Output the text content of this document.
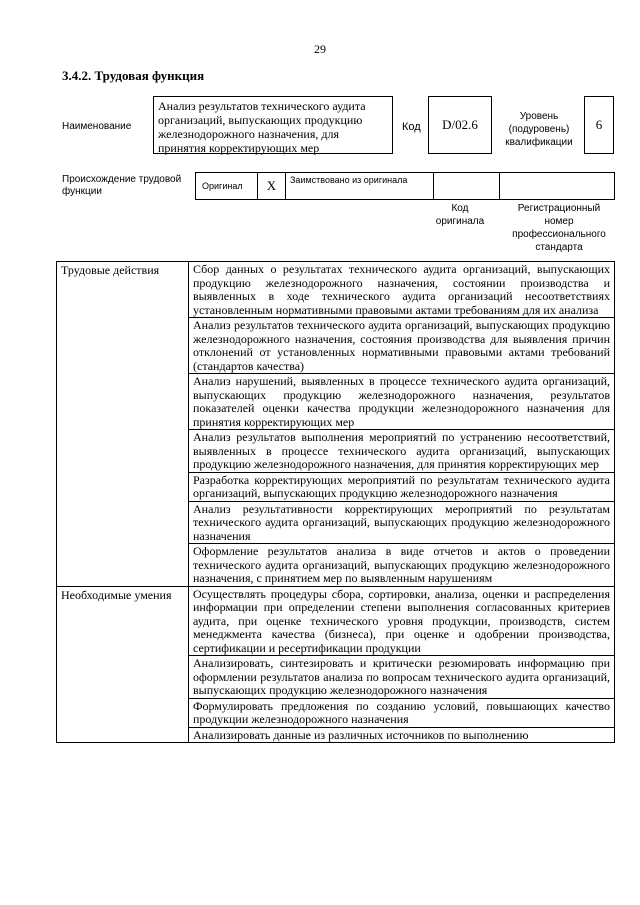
29
3.4.2. Трудовая функция
Наименование
Анализ результатов технического аудита организаций, выпускающих продукцию железнодорожного назначения, для принятия корректирующих мер
Код	D/02.6
Уровень (подуровень) квалификации
6
Происхождение трудовой функции	Оригинал	X	Заимствовано из оригинала
Код оригинала
Регистрационный номер профессионального стандарта
Трудовые действия	Сбор данных о результатах технического аудита организаций, выпускающих продукцию железнодорожного назначения, состоянии производства и выявленных в ходе технического аудита организаций несоответствиях установленным нормативными правовыми актами требованиям для их анализа
	Анализ результатов технического аудита организаций, выпускающих продукцию железнодорожного назначения, состояния производства для выявления причин отклонений от установленных нормативными правовыми актами требований (стандартов качества)
	Анализ нарушений, выявленных в процессе технического аудита организаций, выпускающих продукцию железнодорожного назначения, результатов показателей оценки качества продукции железнодорожного назначения для принятия корректирующих мер
	Анализ результатов выполнения мероприятий по устранению несоответствий, выявленных в процессе технического аудита организаций, выпускающих продукцию железнодорожного назначения, для принятия корректирующих мер
	Разработка корректирующих мероприятий по результатам технического аудита организаций, выпускающих продукцию железнодорожного назначения
	Анализ результативности корректирующих мероприятий по результатам технического аудита организаций, выпускающих продукцию железнодорожного назначения
	Оформление результатов анализа в виде отчетов и актов о проведении технического аудита организаций, выпускающих продукцию железнодорожного назначения, с принятием мер по выявленным нарушениям
Необходимые умения	Осуществлять процедуры сбора, сортировки, анализа, оценки и распределения информации при определении степени выполнения согласованных критериев аудита, при оценке технического уровня продукции, производств, систем менеджмента качества (бизнеса), при оценке и одобрении производства, сертификации и ресертификации продукции
	Анализировать, синтезировать и критически резюмировать информацию при оформлении результатов анализа по вопросам технического аудита организаций, выпускающих продукцию железнодорожного назначения
	Формулировать предложения по созданию условий, повышающих качество продукции железнодорожного назначения
	Анализировать данные из различных источников по выполнению
